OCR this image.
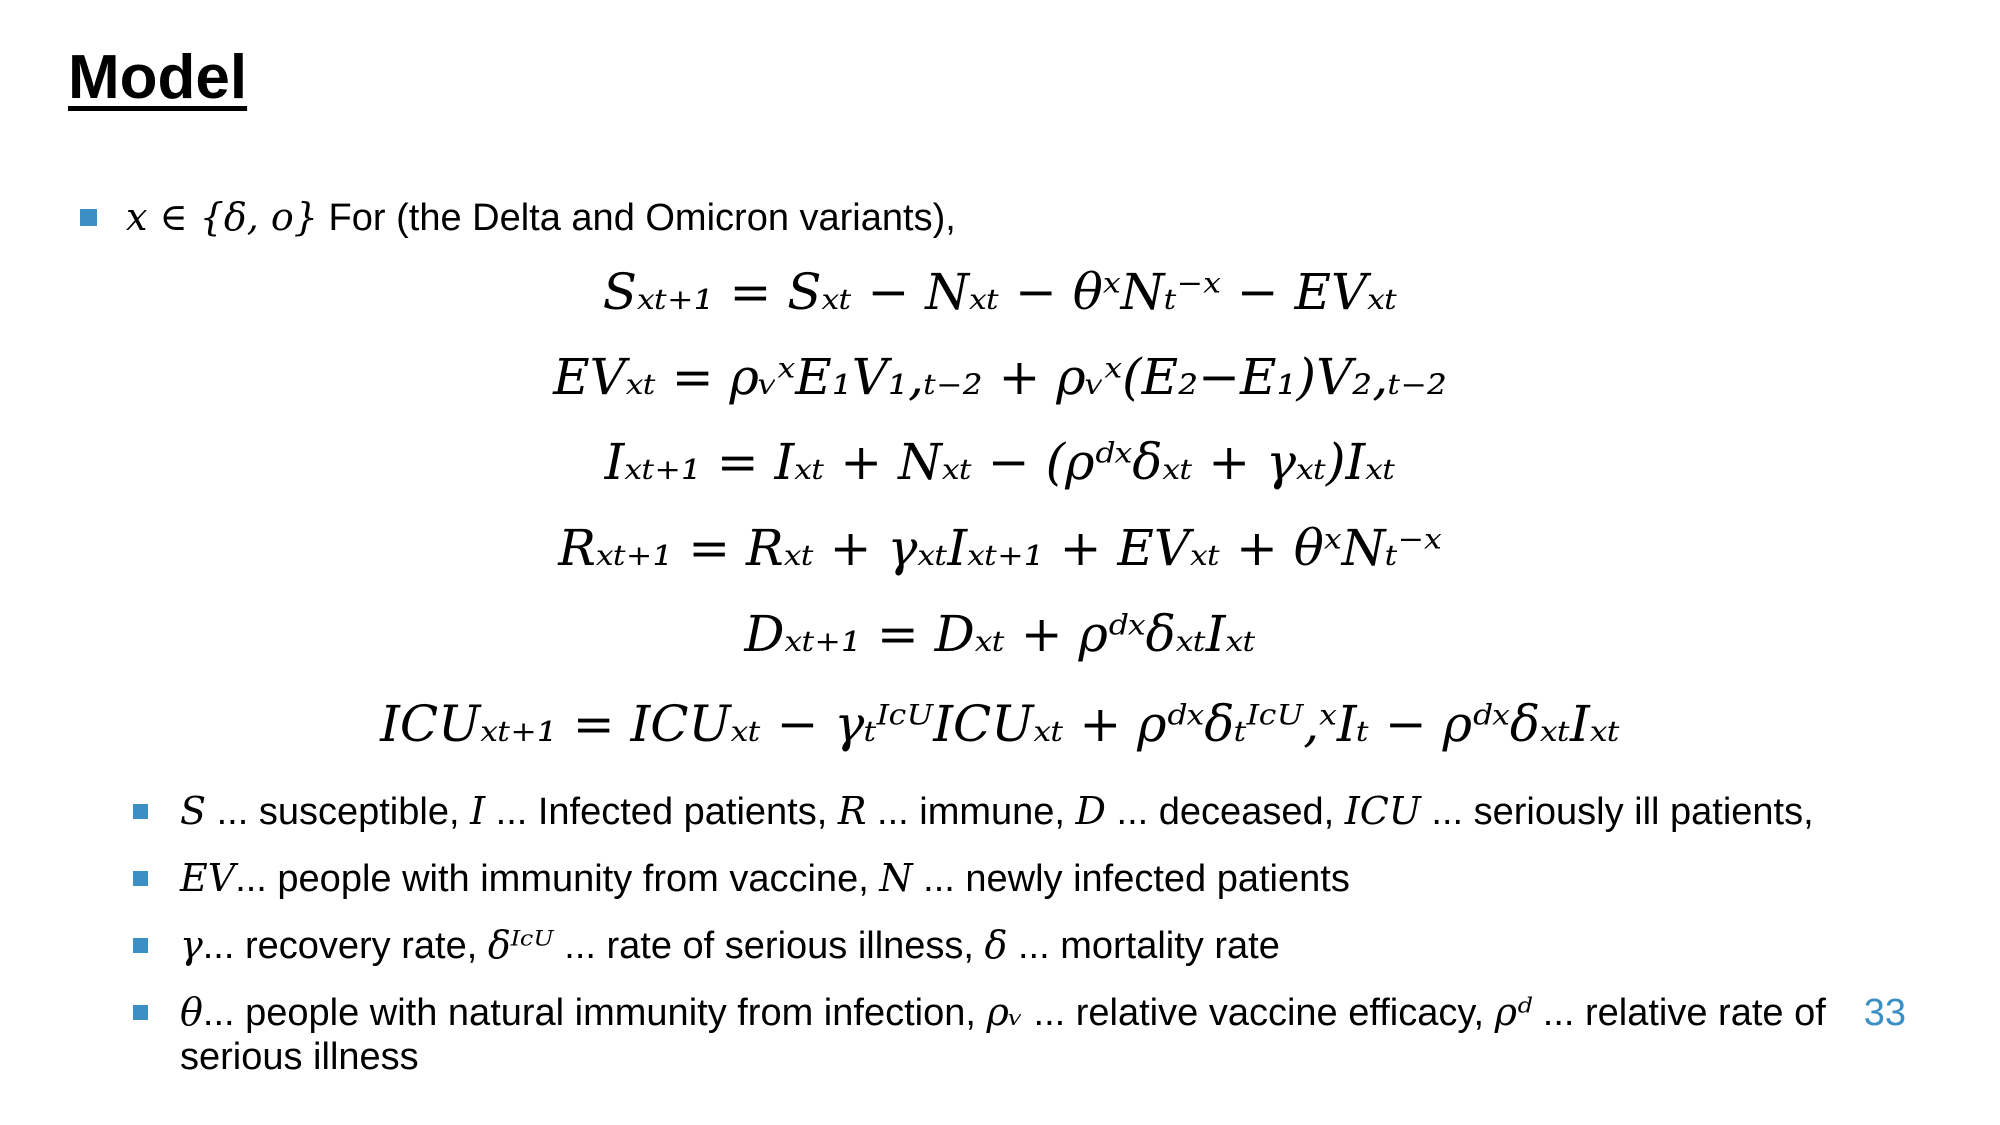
Model
x ∈ {δ, o} For (the Delta and Omicron variants),
Sₓₜ₊₁ = Sₓₜ − Nₓₜ − θˣNₜ⁻ˣ − EVₓₜ
EVₓₜ = ρᵥˣE₁V₁,ₜ₋₂ + ρᵥˣ(E₂−E₁)V₂,ₜ₋₂
Iₓₜ₊₁ = Iₓₜ + Nₓₜ − (ρᵈˣδₓₜ + γₓₜ)Iₓₜ
Rₓₜ₊₁ = Rₓₜ + γₓₜIₓₜ₊₁ + EVₓₜ + θˣNₜ⁻ˣ
Dₓₜ₊₁ = Dₓₜ + ρᵈˣδₓₜIₓₜ
ICUₓₜ₊₁ = ICUₓₜ − γₜᴵᶜᵁICUₓₜ + ρᵈˣδₜᴵᶜᵁ,ˣIₜ − ρᵈˣδₓₜIₓₜ
S ... susceptible, I ... Infected patients, R ... immune, D ... deceased, ICU ... seriously ill patients,
EV... people with immunity from vaccine, N ... newly infected patients
γ... recovery rate, δᴵᶜᵁ ... rate of serious illness, δ ... mortality rate
θ... people with natural immunity from infection, ρᵥ ... relative vaccine efficacy, ρᵈ ... relative rate of
serious illness
33
